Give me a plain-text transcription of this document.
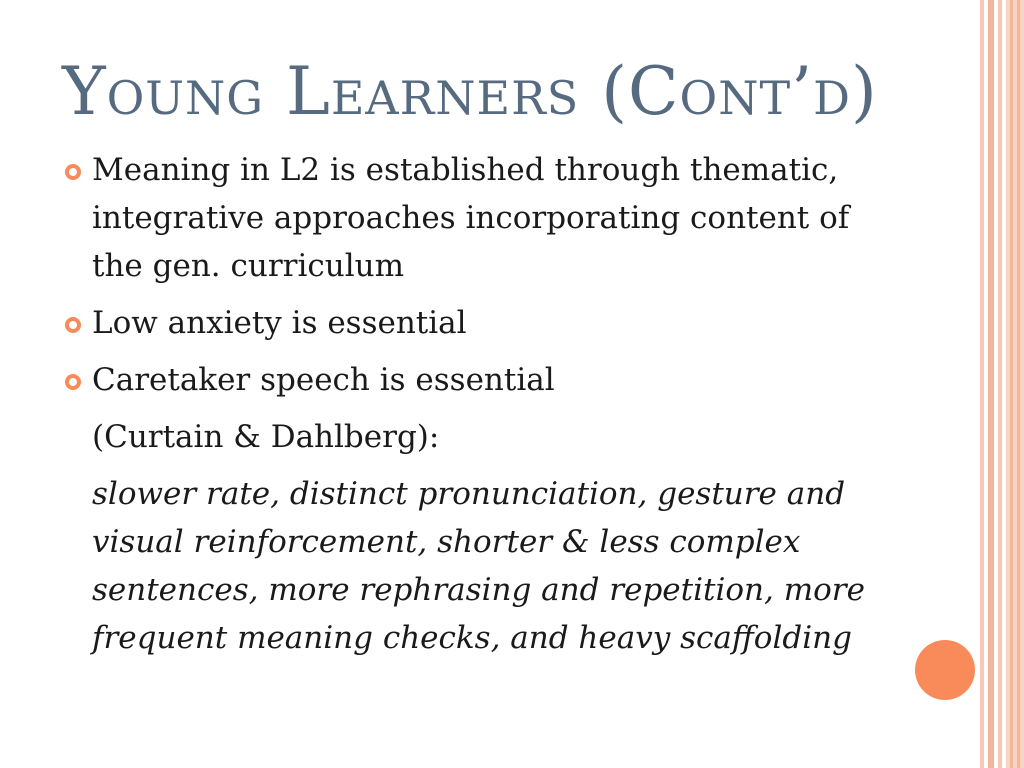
Young Learners (Cont’d)
Meaning in L2 is established through thematic, integrative approaches incorporating content of the gen. curriculum
Low anxiety is essential
Caretaker speech is essential
(Curtain & Dahlberg):
slower rate, distinct pronunciation, gesture and visual reinforcement, shorter & less complex sentences, more rephrasing and repetition, more frequent meaning checks, and heavy scaffolding
